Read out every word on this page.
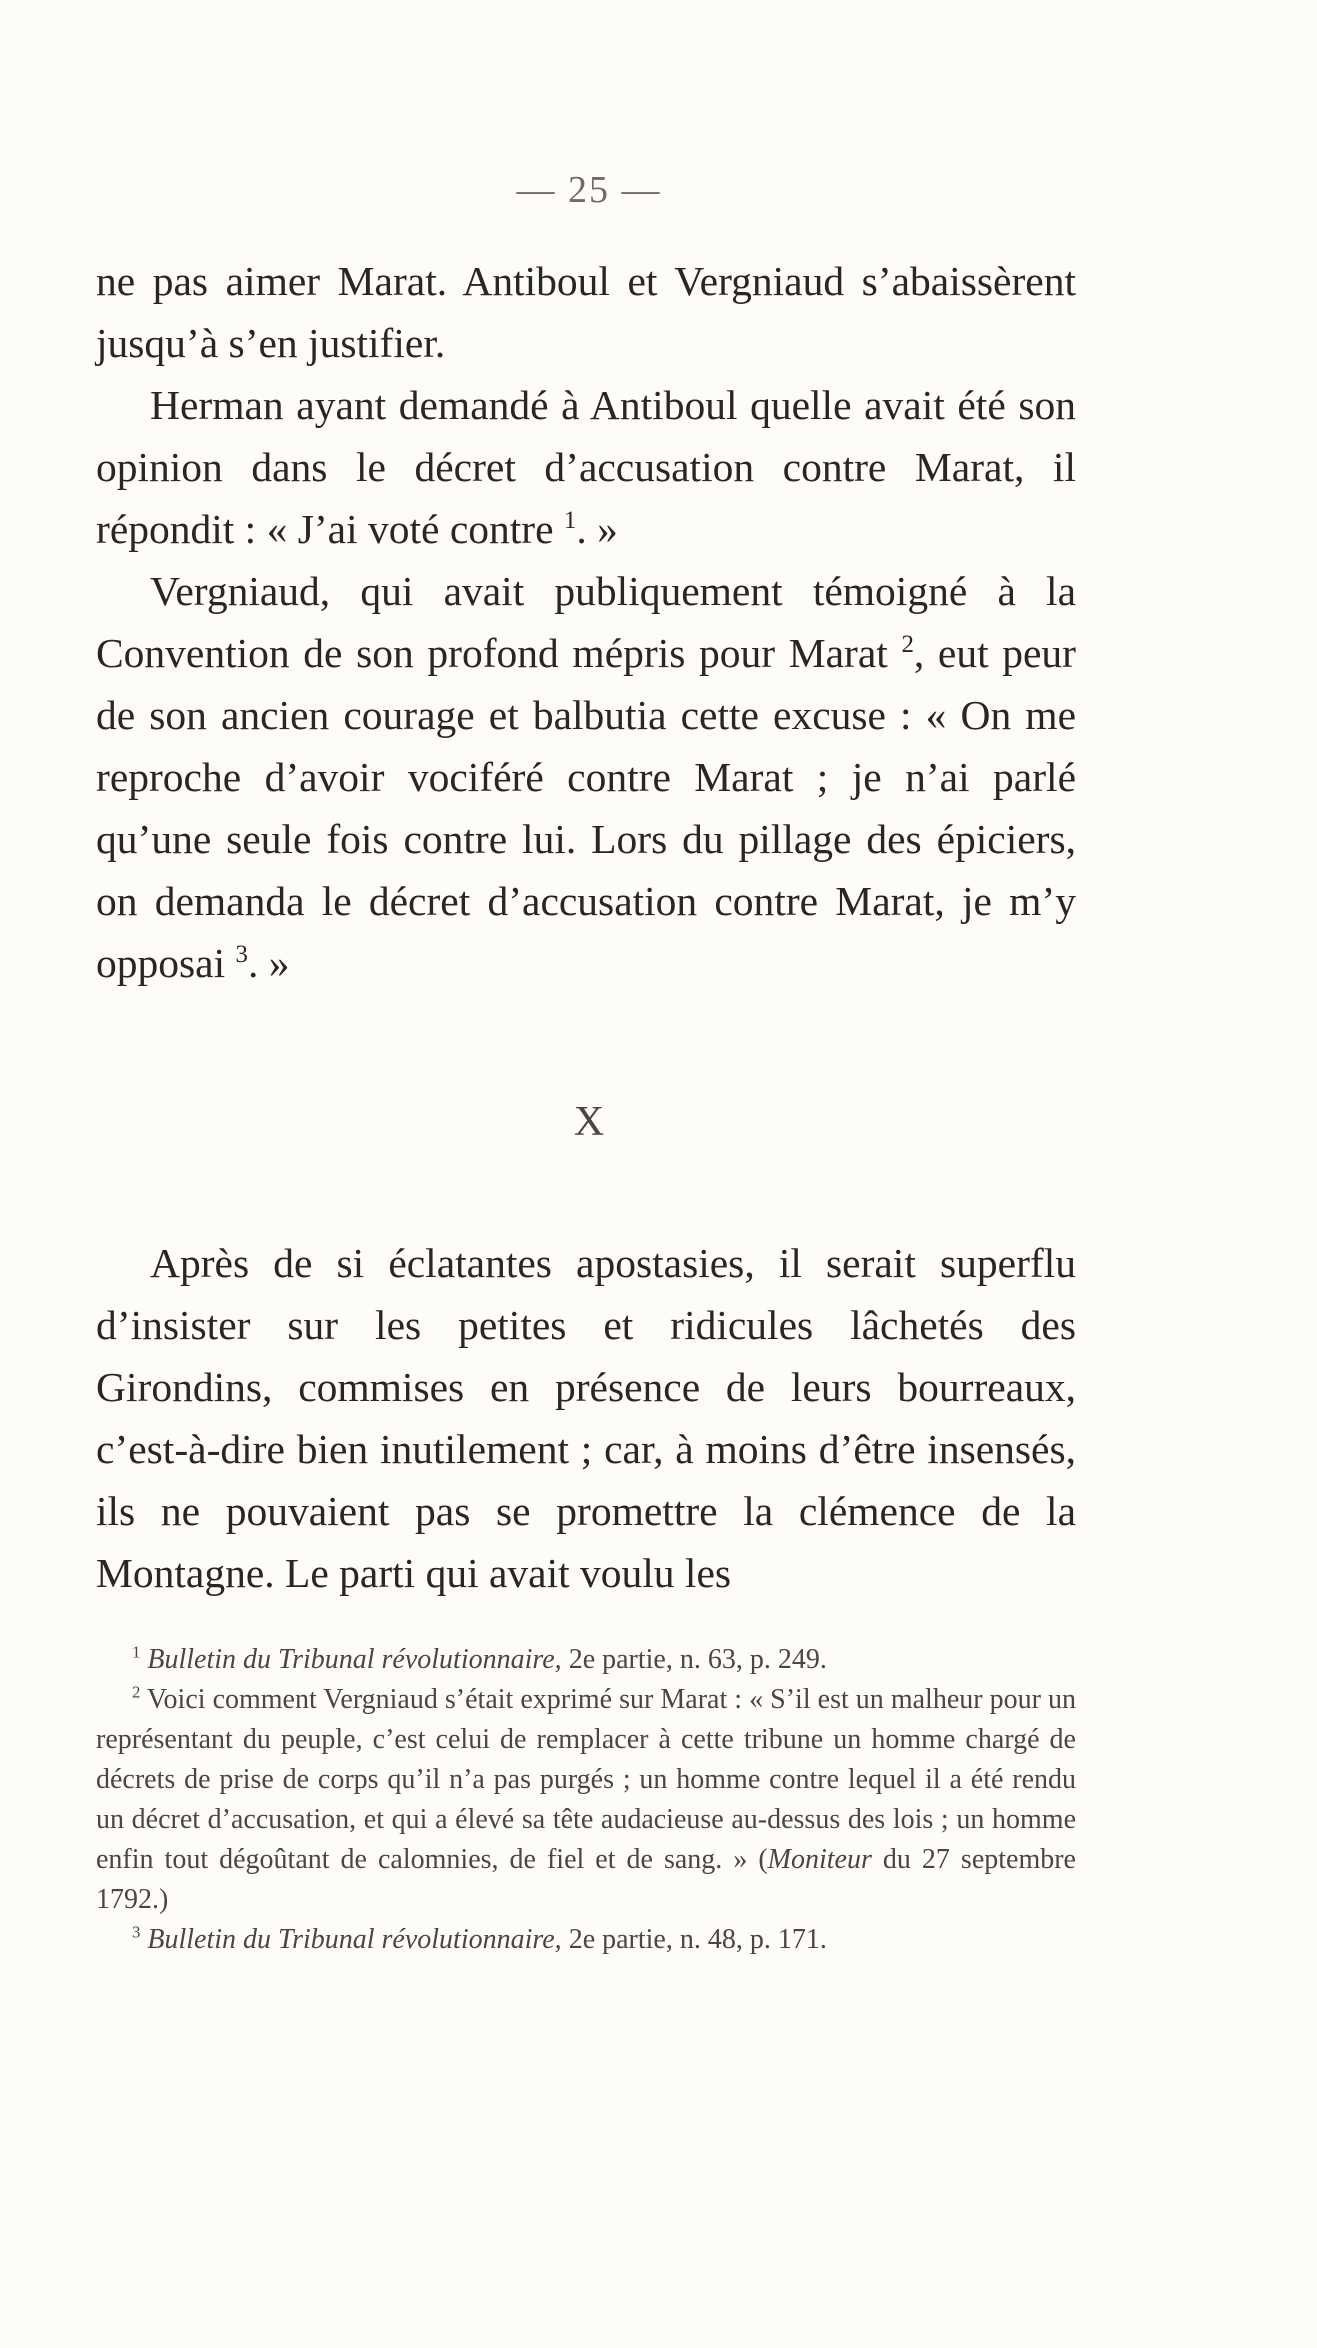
— 25 —

ne pas aimer Marat. Antiboul et Vergniaud s’abaissèrent jusqu’à s’en justifier.

Herman ayant demandé à Antiboul quelle avait été son opinion dans le décret d’accusation contre Marat, il répondit : « J’ai voté contre $^1$. »

Vergniaud, qui avait publiquement témoigné à la Convention de son profond mépris pour Marat $^2$, eut peur de son ancien courage et balbutia cette excuse : « On me reproche d’avoir vociféré contre Marat ; je n’ai parlé qu’une seule fois contre lui. Lors du pillage des épiciers, on demanda le décret d’accusation contre Marat, je m’y opposai $^3$. »

X

Après de si éclatantes apostasies, il serait superflu d’insister sur les petites et ridicules lâchetés des Girondins, commises en présence de leurs bourreaux, c’est-à-dire bien inutilement ; car, à moins d’être insensés, ils ne pouvaient pas se promettre la clémence de la Montagne. Le parti qui avait voulu les

$^1$ Bulletin du Tribunal révolutionnaire, 2e partie, n. 63, p. 249.

$^2$ Voici comment Vergniaud s’était exprimé sur Marat : « S’il est un malheur pour un représentant du peuple, c’est celui de remplacer à cette tribune un homme chargé de décrets de prise de corps qu’il n’a pas purgés ; un homme contre lequel il a été rendu un décret d’accusation, et qui a élevé sa tête audacieuse au-dessus des lois ; un homme enfin tout dégoûtant de calomnies, de fiel et de sang. » (Moniteur du 27 septembre 1792.)

$^3$ Bulletin du Tribunal révolutionnaire, 2e partie, n. 48, p. 171.
